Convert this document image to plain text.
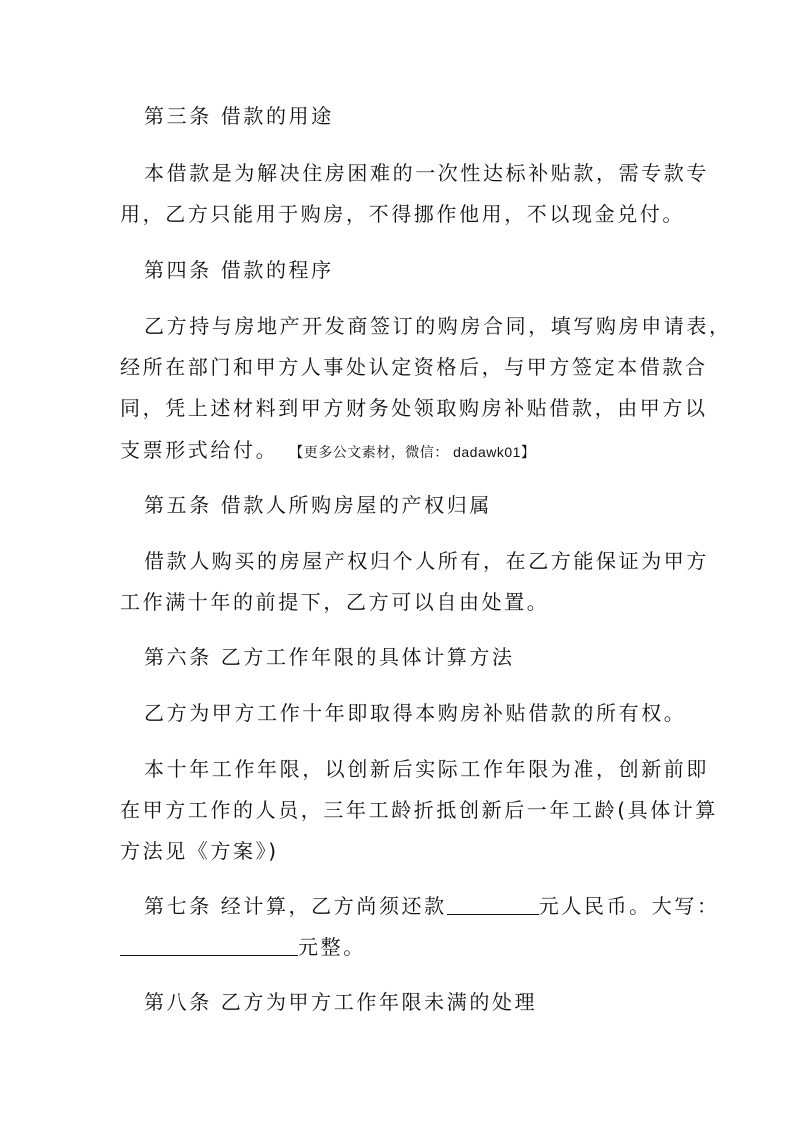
第三条 借款的用途
本借款是为解决住房困难的一次性达标补贴款，需专款专
用，乙方只能用于购房，不得挪作他用，不以现金兑付。
第四条 借款的程序
乙方持与房地产开发商签订的购房合同，填写购房申请表，
经所在部门和甲方人事处认定资格后，与甲方签定本借款合
同，凭上述材料到甲方财务处领取购房补贴借款，由甲方以
支票形式给付。 【更多公文素材，微信： dadawk01】
第五条 借款人所购房屋的产权归属
借款人购买的房屋产权归个人所有，在乙方能保证为甲方
工作满十年的前提下，乙方可以自由处置。
第六条 乙方工作年限的具体计算方法
乙方为甲方工作十年即取得本购房补贴借款的所有权。
本十年工作年限，以创新后实际工作年限为准，创新前即
在甲方工作的人员，三年工龄折抵创新后一年工龄(具体计算
方法见《方案》)
第七条 经计算，乙方尚须还款	元人民币。大写：
元整。
第八条 乙方为甲方工作年限未满的处理
